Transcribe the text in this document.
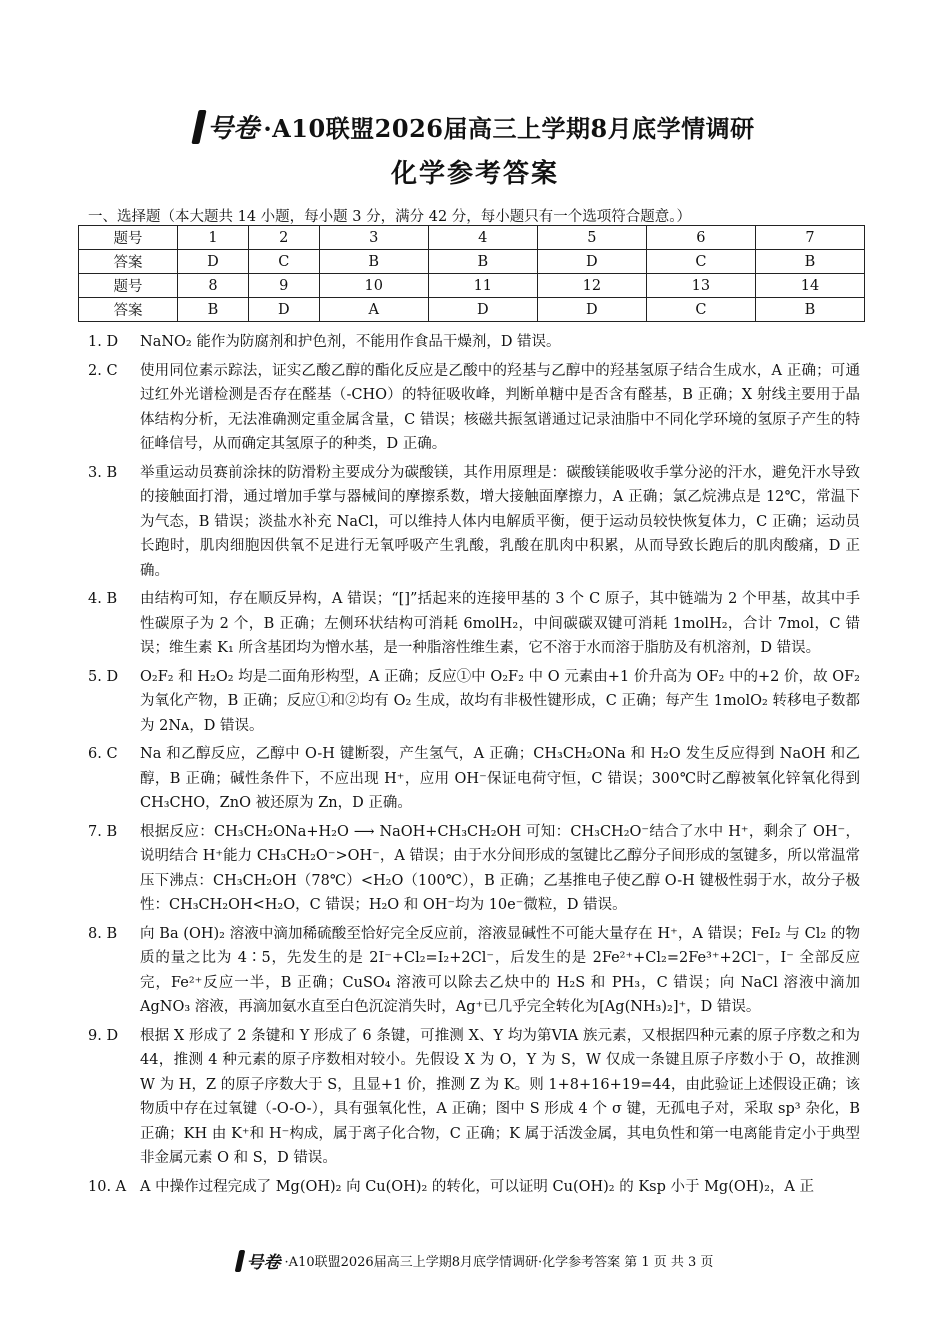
号卷 ·A10联盟2026届高三上学期8月底学情调研
化学参考答案
一、选择题（本大题共 14 小题，每小题 3 分，满分 42 分，每小题只有一个选项符合题意。）
题号	1	2	3	4	5	6	7
答案	D	C	B	B	D	C	B
题号	8	9	10	11	12	13	14
答案	B	D	A	D	D	C	B
1. D	NaNO₂ 能作为防腐剂和护色剂，不能用作食品干燥剂，D 错误。
2. C	使用同位素示踪法，证实乙酸乙醇的酯化反应是乙酸中的羟基与乙醇中的羟基氢原子结合生成水，A 正确；可通过红外光谱检测是否存在醛基（-CHO）的特征吸收峰，判断单糖中是否含有醛基，B 正确；X 射线主要用于晶体结构分析，无法准确测定重金属含量，C 错误；核磁共振氢谱通过记录油脂中不同化学环境的氢原子产生的特征峰信号，从而确定其氢原子的种类，D 正确。
3. B	举重运动员赛前涂抹的防滑粉主要成分为碳酸镁，其作用原理是：碳酸镁能吸收手掌分泌的汗水，避免汗水导致的接触面打滑，通过增加手掌与器械间的摩擦系数，增大接触面摩擦力，A 正确；氯乙烷沸点是 12℃，常温下为气态，B 错误；淡盐水补充 NaCl，可以维持人体内电解质平衡，便于运动员较快恢复体力，C 正确；运动员长跑时，肌肉细胞因供氧不足进行无氧呼吸产生乳酸，乳酸在肌肉中积累，从而导致长跑后的肌肉酸痛，D 正确。
4. B	由结构可知，存在顺反异构，A 错误；“[]”括起来的连接甲基的 3 个 C 原子，其中链端为 2 个甲基，故其中手性碳原子为 2 个，B 正确；左侧环状结构可消耗 6molH₂，中间碳碳双键可消耗 1molH₂，合计 7mol，C 错误；维生素 K₁ 所含基团均为憎水基，是一种脂溶性维生素，它不溶于水而溶于脂肪及有机溶剂，D 错误。
5. D	O₂F₂ 和 H₂O₂ 均是二面角形构型，A 正确；反应①中 O₂F₂ 中 O 元素由+1 价升高为 OF₂ 中的+2 价，故 OF₂ 为氧化产物，B 正确；反应①和②均有 O₂ 生成，故均有非极性键形成，C 正确；每产生 1molO₂ 转移电子数都为 2Nᴀ，D 错误。
6. C	Na 和乙醇反应，乙醇中 O-H 键断裂，产生氢气，A 正确；CH₃CH₂ONa 和 H₂O 发生反应得到 NaOH 和乙醇，B 正确；碱性条件下，不应出现 H⁺，应用 OH⁻保证电荷守恒，C 错误；300℃时乙醇被氧化锌氧化得到 CH₃CHO，ZnO 被还原为 Zn，D 正确。
7. B	根据反应：CH₃CH₂ONa+H₂O ⟶ NaOH+CH₃CH₂OH 可知：CH₃CH₂O⁻结合了水中 H⁺，剩余了 OH⁻，说明结合 H⁺能力 CH₃CH₂O⁻>OH⁻，A 错误；由于水分间形成的氢键比乙醇分子间形成的氢键多，所以常温常压下沸点：CH₃CH₂OH（78℃）<H₂O（100℃），B 正确；乙基推电子使乙醇 O-H 键极性弱于水，故分子极性：CH₃CH₂OH<H₂O，C 错误；H₂O 和 OH⁻均为 10e⁻微粒，D 错误。
8. B	向 Ba (OH)₂ 溶液中滴加稀硫酸至恰好完全反应前，溶液显碱性不可能大量存在 H⁺，A 错误；FeI₂ 与 Cl₂ 的物质的量之比为 4∶5，先发生的是 2I⁻+Cl₂=I₂+2Cl⁻，后发生的是 2Fe²⁺+Cl₂=2Fe³⁺+2Cl⁻，I⁻ 全部反应完，Fe²⁺反应一半，B 正确；CuSO₄ 溶液可以除去乙炔中的 H₂S 和 PH₃，C 错误；向 NaCl 溶液中滴加 AgNO₃ 溶液，再滴加氨水直至白色沉淀消失时，Ag⁺已几乎完全转化为[Ag(NH₃)₂]⁺，D 错误。
9. D	根据 X 形成了 2 条键和 Y 形成了 6 条键，可推测 X、Y 均为第VIA 族元素，又根据四种元素的原子序数之和为 44，推测 4 种元素的原子序数相对较小。先假设 X 为 O，Y 为 S，W 仅成一条键且原子序数小于 O，故推测 W 为 H，Z 的原子序数大于 S，且显+1 价，推测 Z 为 K。则 1+8+16+19=44，由此验证上述假设正确；该物质中存在过氧键（-O-O-），具有强氧化性，A 正确；图中 S 形成 4 个 σ 键，无孤电子对，采取 sp³ 杂化，B 正确；KH 由 K⁺和 H⁻构成，属于离子化合物，C 正确；K 属于活泼金属，其电负性和第一电离能肯定小于典型非金属元素 O 和 S，D 错误。
10. A A 中操作过程完成了 Mg(OH)₂ 向 Cu(OH)₂ 的转化，可以证明 Cu(OH)₂ 的 Ksp 小于 Mg(OH)₂，A 正
号卷 ·A10联盟2026届高三上学期8月底学情调研·化学参考答案 第 1 页 共 3 页
